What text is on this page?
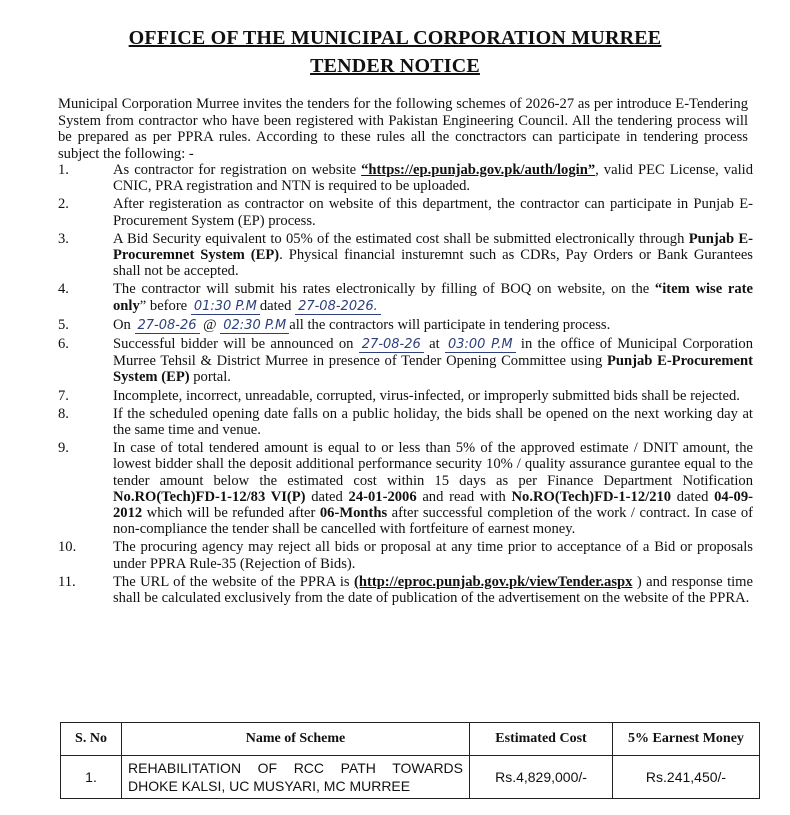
OFFICE OF THE MUNICIPAL CORPORATION MURREE
TENDER NOTICE
Municipal Corporation Murree invites the tenders for the following schemes of 2026-27 as per introduce E-Tendering System from contractor who have been registered with Pakistan Engineering Council. All the tendering process will be prepared as per PPRA rules. According to these rules all the conctractors can participate in tendering process subject the following: -
1.	As contractor for registration on website “https://ep.punjab.gov.pk/auth/login”, valid PEC License, valid CNIC, PRA registration and NTN is required to be uploaded.
2.	After registeration as contractor on website of this department, the contractor can participate in Punjab E-Procurement System (EP) process.
3.	A Bid Security equivalent to 05% of the estimated cost shall be submitted electronically through Punjab E-Procuremnet System (EP). Physical financial insturemnt such as CDRs, Pay Orders or Bank Gurantees shall not be accepted.
4.	The contractor will submit his rates electronically by filling of BOQ on website, on the “item wise rate only” before 01:30 P.M dated 27-08-2026.
5.	On 27-08-26 @ 02:30 P.M all the contractors will participate in tendering process.
6.	Successful bidder will be announced on 27-08-26 at 03:00 P.M in the office of Municipal Corporation Murree Tehsil & District Murree in presence of Tender Opening Committee using Punjab E-Procurement System (EP) portal.
7.	Incomplete, incorrect, unreadable, corrupted, virus-infected, or improperly submitted bids shall be rejected.
8.	If the scheduled opening date falls on a public holiday, the bids shall be opened on the next working day at the same time and venue.
9.	In case of total tendered amount is equal to or less than 5% of the approved estimate / DNIT amount, the lowest bidder shall the deposit additional performance security 10% / quality assurance gurantee equal to the tender amount below the estimated cost within 15 days as per Finance Department Notification No.RO(Tech)FD-1-12/83 VI(P) dated 24-01-2006 and read with No.RO(Tech)FD-1-12/210 dated 04-09-2012 which will be refunded after 06-Months after successful completion of the work / contract. In case of non-compliance the tender shall be cancelled with fortfeiture of earnest money.
10.	The procuring agency may reject all bids or proposal at any time prior to acceptance of a Bid or proposals under PPRA Rule-35 (Rejection of Bids).
11.	The URL of the website of the PPRA is (http://eproc.punjab.gov.pk/viewTender.aspx ) and response time shall be calculated exclusively from the date of publication of the advertisement on the website of the PPRA.
S. No	Name of Scheme	Estimated Cost	5% Earnest Money
1.	REHABILITATION OF RCC PATH TOWARDS DHOKE KALSI, UC MUSYARI, MC MURREE	Rs.4,829,000/-	Rs.241,450/-
